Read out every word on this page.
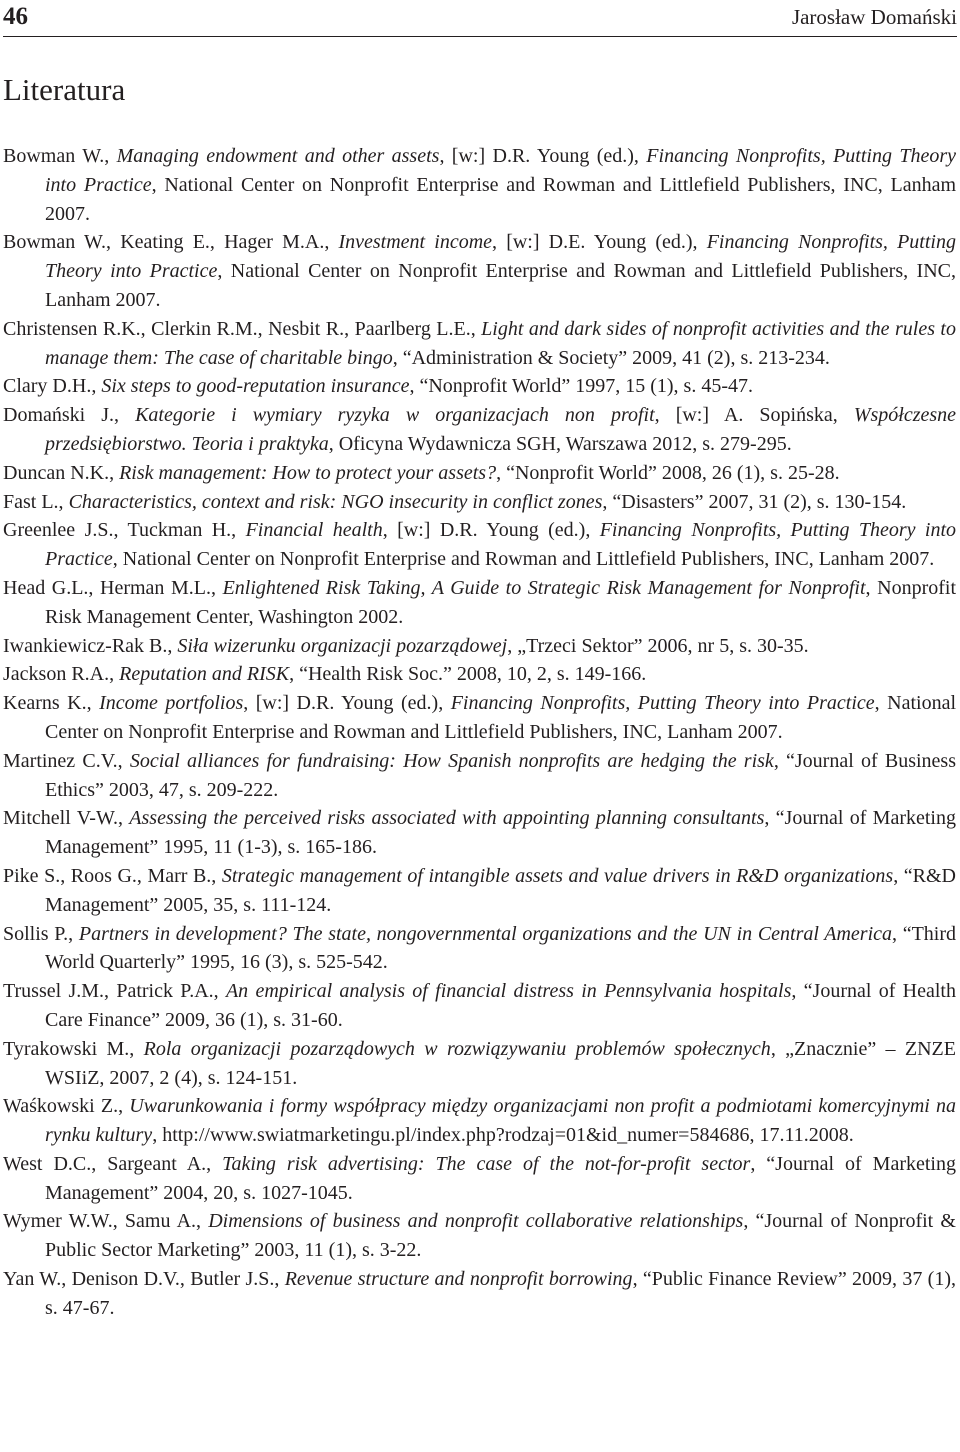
46	Jarosław Domański
Literatura
Bowman W., Managing endowment and other assets, [w:] D.R. Young (ed.), Financing Nonprofits, Putting Theory into Practice, National Center on Nonprofit Enterprise and Rowman and Littlefield Publishers, INC, Lanham 2007.
Bowman W., Keating E., Hager M.A., Investment income, [w:] D.E. Young (ed.), Financing Nonprofits, Putting Theory into Practice, National Center on Nonprofit Enterprise and Rowman and Littlefield Publishers, INC, Lanham 2007.
Christensen R.K., Clerkin R.M., Nesbit R., Paarlberg L.E., Light and dark sides of nonprofit activities and the rules to manage them: The case of charitable bingo, “Administration & Society” 2009, 41 (2), s. 213-234.
Clary D.H., Six steps to good-reputation insurance, “Nonprofit World” 1997, 15 (1), s. 45-47.
Domański J., Kategorie i wymiary ryzyka w organizacjach non profit, [w:] A. Sopińska, Współczesne przedsiębiorstwo. Teoria i praktyka, Oficyna Wydawnicza SGH, Warszawa 2012, s. 279-295.
Duncan N.K., Risk management: How to protect your assets?, “Nonprofit World” 2008, 26 (1), s. 25-28.
Fast L., Characteristics, context and risk: NGO insecurity in conflict zones, “Disasters” 2007, 31 (2), s. 130-154.
Greenlee J.S., Tuckman H., Financial health, [w:] D.R. Young (ed.), Financing Nonprofits, Putting Theory into Practice, National Center on Nonprofit Enterprise and Rowman and Littlefield Publishers, INC, Lanham 2007.
Head G.L., Herman M.L., Enlightened Risk Taking, A Guide to Strategic Risk Management for Nonprofit, Nonprofit Risk Management Center, Washington 2002.
Iwankiewicz-Rak B., Siła wizerunku organizacji pozarządowej, „Trzeci Sektor” 2006, nr 5, s. 30-35.
Jackson R.A., Reputation and RISK, “Health Risk Soc.” 2008, 10, 2, s. 149-166.
Kearns K., Income portfolios, [w:] D.R. Young (ed.), Financing Nonprofits, Putting Theory into Practice, National Center on Nonprofit Enterprise and Rowman and Littlefield Publishers, INC, Lanham 2007.
Martinez C.V., Social alliances for fundraising: How Spanish nonprofits are hedging the risk, “Journal of Business Ethics” 2003, 47, s. 209-222.
Mitchell V-W., Assessing the perceived risks associated with appointing planning consultants, “Journal of Marketing Management” 1995, 11 (1-3), s. 165-186.
Pike S., Roos G., Marr B., Strategic management of intangible assets and value drivers in R&D organizations, “R&D Management” 2005, 35, s. 111-124.
Sollis P., Partners in development? The state, nongovernmental organizations and the UN in Central America, “Third World Quarterly” 1995, 16 (3), s. 525-542.
Trussel J.M., Patrick P.A., An empirical analysis of financial distress in Pennsylvania hospitals, “Journal of Health Care Finance” 2009, 36 (1), s. 31-60.
Tyrakowski M., Rola organizacji pozarządowych w rozwiązywaniu problemów społecznych, „Znacznie” – ZNZE WSIiZ, 2007, 2 (4), s. 124-151.
Waśkowski Z., Uwarunkowania i formy współpracy między organizacjami non profit a podmiotami komercyjnymi na rynku kultury, http://www.swiatmarketingu.pl/index.php?rodzaj=01&id_numer=584686, 17.11.2008.
West D.C., Sargeant A., Taking risk advertising: The case of the not-for-profit sector, “Journal of Marketing Management” 2004, 20, s. 1027-1045.
Wymer W.W., Samu A., Dimensions of business and nonprofit collaborative relationships, “Journal of Nonprofit & Public Sector Marketing” 2003, 11 (1), s. 3-22.
Yan W., Denison D.V., Butler J.S., Revenue structure and nonprofit borrowing, “Public Finance Review” 2009, 37 (1), s. 47-67.
